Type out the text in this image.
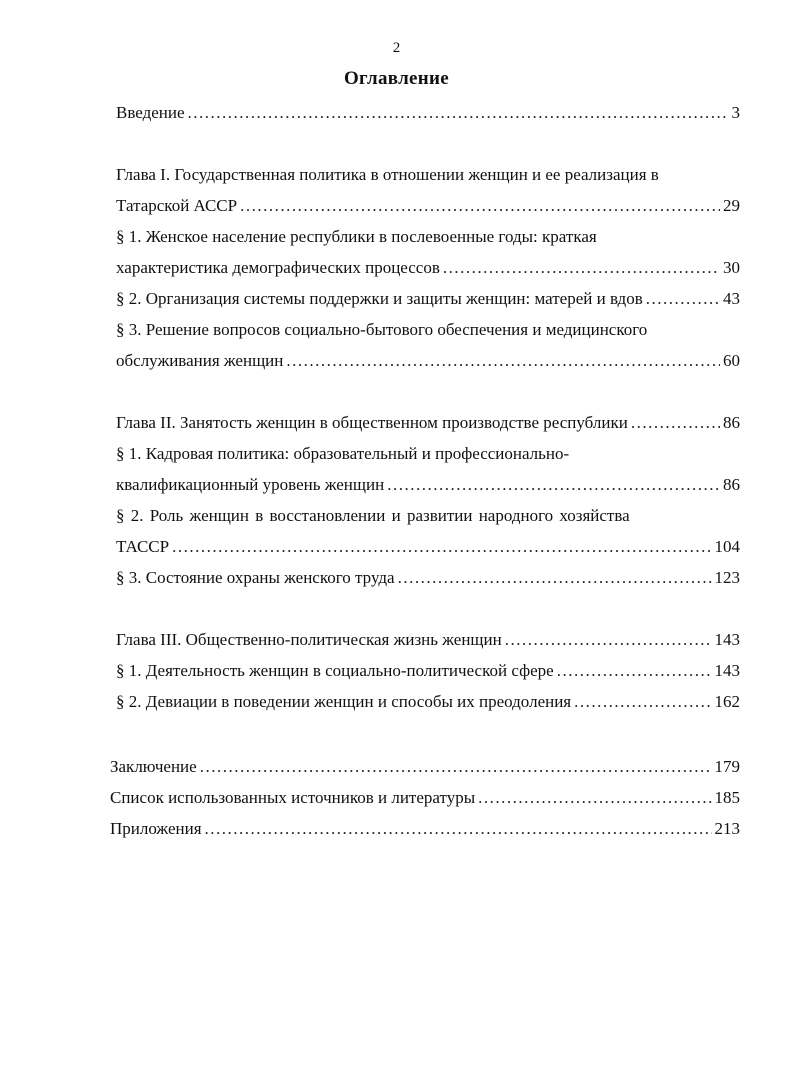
2
Оглавление
Введение .....	3
Глава I. Государственная политика в отношении женщин и ее реализация в
Татарской АССР .....	29
§ 1. Женское население республики в послевоенные годы: краткая
характеристика демографических процессов .....	30
§ 2. Организация системы поддержки и защиты женщин: матерей и вдов .....	43
§ 3. Решение вопросов социально-бытового обеспечения и медицинского
обслуживания женщин .....	60
Глава II. Занятость женщин в общественном производстве республики .....	86
§ 1. Кадровая политика: образовательный и профессионально-
квалификационный уровень женщин .....	86
§ 2. Роль женщин в восстановлении и развитии народного хозяйства
ТАССР .....	104
§ 3. Состояние охраны женского труда .....	123
Глава III. Общественно-политическая жизнь женщин .....	143
§ 1. Деятельность женщин в социально-политической сфере .....	143
§ 2. Девиации в поведении женщин и способы их преодоления .....	162
Заключение .....	179
Список использованных источников и литературы .....	185
Приложения .....	213
